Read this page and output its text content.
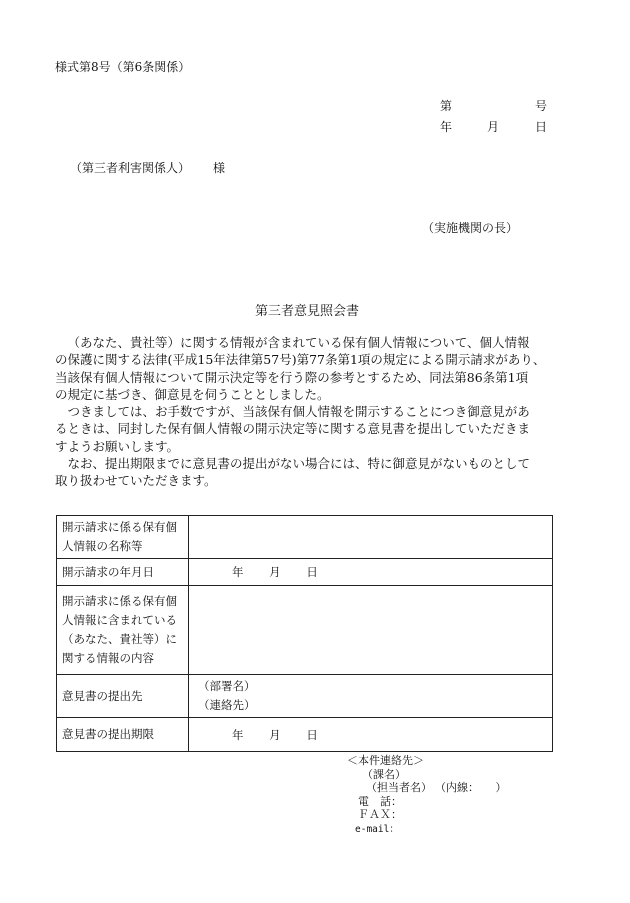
様式第8号（第6条関係）
第	号
年	月	日
（第三者利害関係人） 様
（実施機関の長）
第三者意見照会書

（あなた、貴社等）に関する情報が含まれている保有個人情報について、個人情報

の保護に関する法律(平成15年法律第57号)第77条第1項の規定による開示請求があり、

当該保有個人情報について開示決定等を行う際の参考とするため、同法第86条第1項

の規定に基づき、御意見を伺うこととしました。

つきましては、お手数ですが、当該保有個人情報を開示することにつき御意見があ

るときは、同封した保有個人情報の開示決定等に関する意見書を提出していただきま

すようお願いします。

なお、提出期限までに意見書の提出がない場合には、特に御意見がないものとして

取り扱わせていただきます。

開示請求に係る保有個
人情報の名称等	

開示請求の年月日	年 月 日

開示請求に係る保有個
人情報に含まれている
（あなた、貴社等）に
関する情報の内容	

意見書の提出先	（部署名）
（連絡先）

意見書の提出期限	年 月 日
＜本件連絡先＞
（課名）
（担当者名） （内線：　　）
電　話：
ＦＡＸ：
e-mail：
